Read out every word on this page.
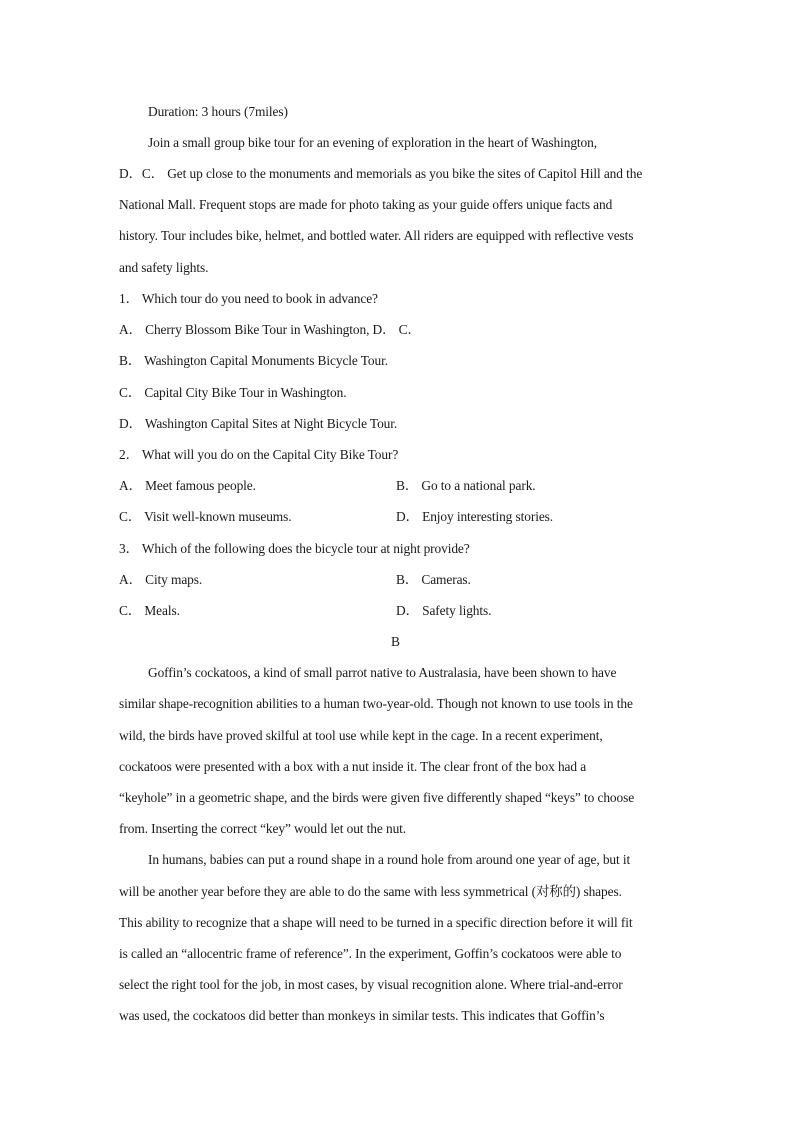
Duration: 3 hours (7miles)
Join a small group bike tour for an evening of exploration in the heart of Washington,
D．C． Get up close to the monuments and memorials as you bike the sites of Capitol Hill and the
National Mall. Frequent stops are made for photo taking as your guide offers unique facts and
history. Tour includes bike, helmet, and bottled water. All riders are equipped with reflective vests
and safety lights.
1． Which tour do you need to book in advance?
A． Cherry Blossom Bike Tour in Washington, D． C．
B． Washington Capital Monuments Bicycle Tour.
C． Capital City Bike Tour in Washington.
D． Washington Capital Sites at Night Bicycle Tour.
2． What will you do on the Capital City Bike Tour?
A． Meet famous people.	B． Go to a national park.
C． Visit well-known museums.	D． Enjoy interesting stories.
3． Which of the following does the bicycle tour at night provide?
A． City maps.	B． Cameras.
C． Meals.	D． Safety lights.
B
Goffin’s cockatoos, a kind of small parrot native to Australasia, have been shown to have
similar shape-recognition abilities to a human two-year-old. Though not known to use tools in the
wild, the birds have proved skilful at tool use while kept in the cage. In a recent experiment,
cockatoos were presented with a box with a nut inside it. The clear front of the box had a
“keyhole” in a geometric shape, and the birds were given five differently shaped “keys” to choose
from. Inserting the correct “key” would let out the nut.
In humans, babies can put a round shape in a round hole from around one year of age, but it
will be another year before they are able to do the same with less symmetrical (对称的) shapes.
This ability to recognize that a shape will need to be turned in a specific direction before it will fit
is called an “allocentric frame of reference”. In the experiment, Goffin’s cockatoos were able to
select the right tool for the job, in most cases, by visual recognition alone. Where trial-and-error
was used, the cockatoos did better than monkeys in similar tests. This indicates that Goffin’s
